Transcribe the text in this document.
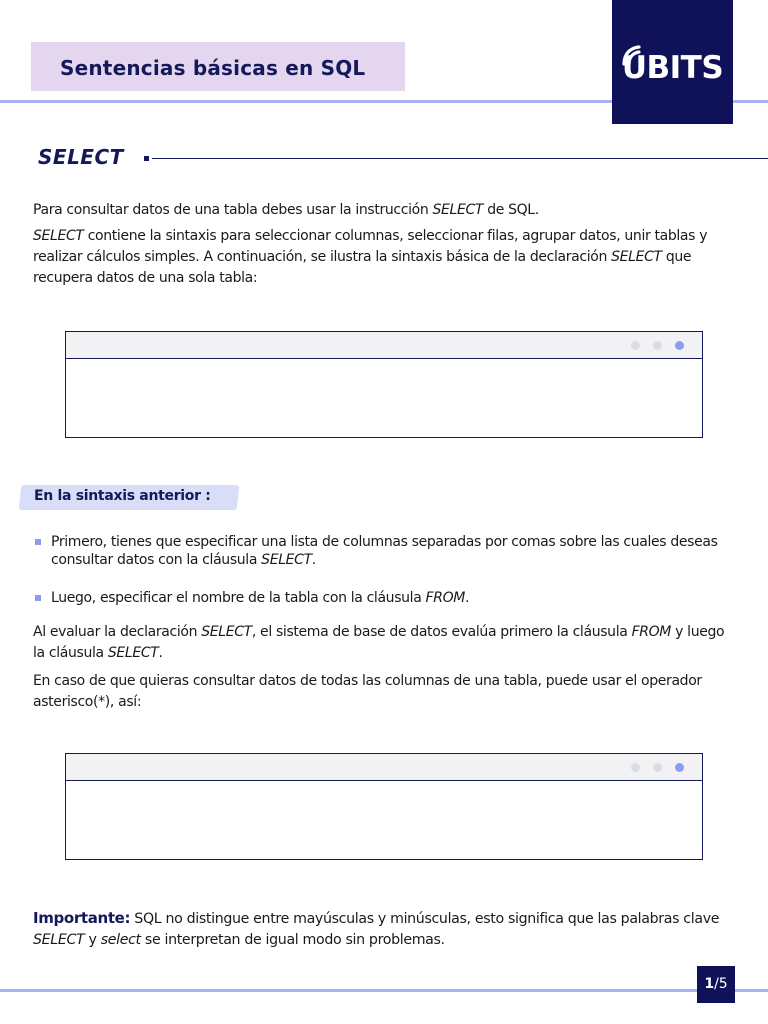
Sentencias básicas en SQL	UBITS
SELECT

Para consultar datos de una tabla debes usar la instrucción SELECT de SQL.

SELECT contiene la sintaxis para seleccionar columnas, seleccionar filas, agrupar datos, unir tablas y realizar cálculos simples. A continuación, se ilustra la sintaxis básica de la declaración SELECT que recupera datos de una sola tabla:

En la sintaxis anterior :

Primero, tienes que especificar una lista de columnas separadas por comas sobre las cuales deseas consultar datos con la cláusula SELECT.

Luego, especificar el nombre de la tabla con la cláusula FROM.

Al evaluar la declaración SELECT, el sistema de base de datos evalúa primero la cláusula FROM y luego la cláusula SELECT.

En caso de que quieras consultar datos de todas las columnas de una tabla, puede usar el operador asterisco(*), así:

Importante: SQL no distingue entre mayúsculas y minúsculas, esto significa que las palabras clave SELECT y select se interpretan de igual modo sin problemas.

1/5
